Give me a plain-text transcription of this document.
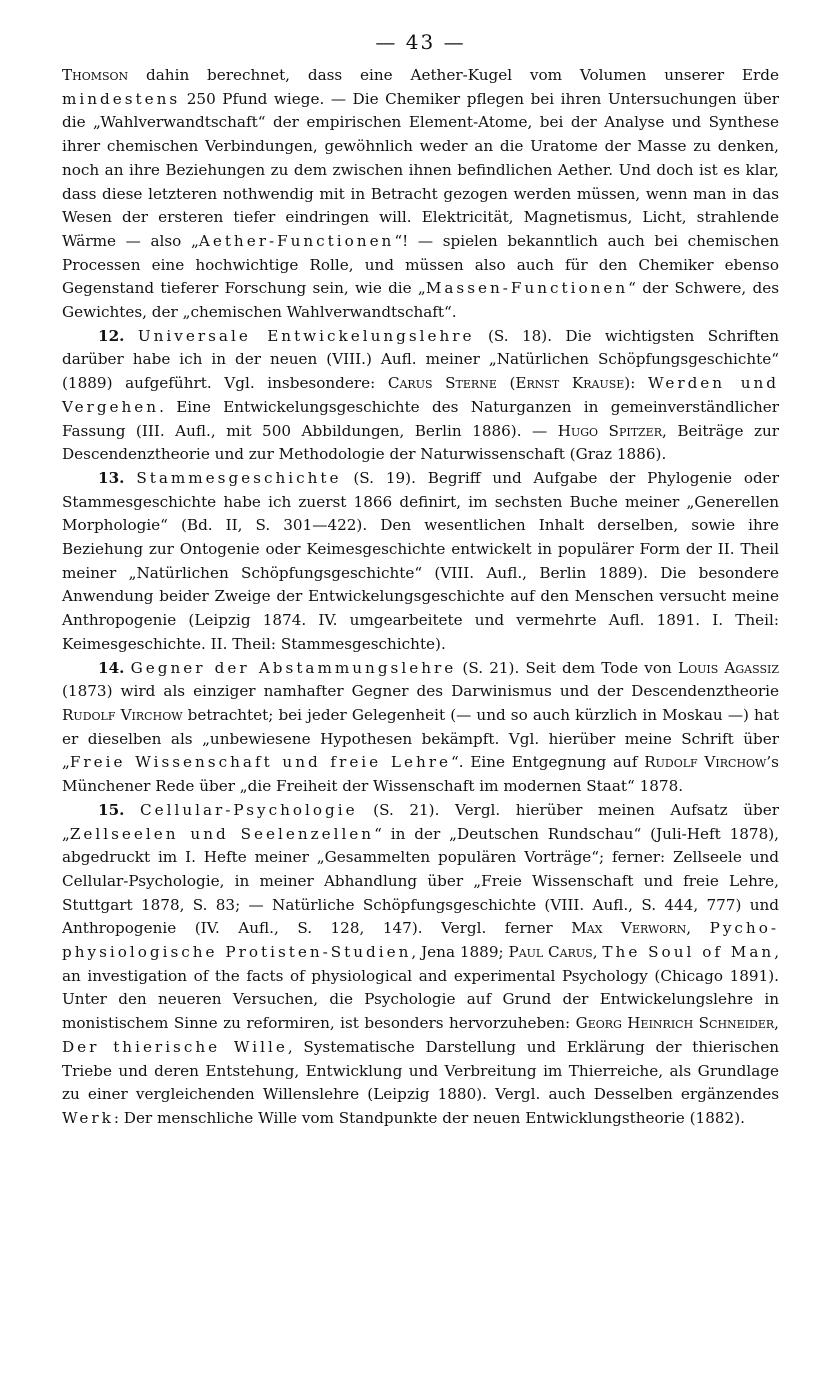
— 43 —

Thomson dahin berechnet, dass eine Aether-Kugel vom Volumen unserer Erde mindestens 250 Pfund wiege. — Die Chemiker pflegen bei ihren Untersuchungen über die „Wahlverwandtschaft“ der empirischen Element-Atome, bei der Analyse und Synthese ihrer chemischen Verbindungen, gewöhnlich weder an die Uratome der Masse zu denken, noch an ihre Beziehungen zu dem zwischen ihnen befindlichen Aether. Und doch ist es klar, dass diese letzteren nothwendig mit in Betracht gezogen werden müssen, wenn man in das Wesen der ersteren tiefer eindringen will. Elektricität, Magnetismus, Licht, strahlende Wärme — also „Aether-Functionen“! — spielen bekanntlich auch bei chemischen Processen eine hochwichtige Rolle, und müssen also auch für den Chemiker ebenso Gegenstand tieferer Forschung sein, wie die „Massen-Functionen“ der Schwere, des Gewichtes, der „chemischen Wahlverwandtschaft“.

12. Universale Entwickelungslehre (S. 18). Die wichtigsten Schriften darüber habe ich in der neuen (VIII.) Aufl. meiner „Natürlichen Schöpfungsgeschichte“ (1889) aufgeführt. Vgl. insbesondere: Carus Sterne (Ernst Krause): Werden und Vergehen. Eine Entwickelungsgeschichte des Naturganzen in gemeinverständlicher Fassung (III. Aufl., mit 500 Abbildungen, Berlin 1886). — Hugo Spitzer, Beiträge zur Descendenztheorie und zur Methodologie der Naturwissenschaft (Graz 1886).

13. Stammesgeschichte (S. 19). Begriff und Aufgabe der Phylogenie oder Stammesgeschichte habe ich zuerst 1866 definirt, im sechsten Buche meiner „Generellen Morphologie“ (Bd. II, S. 301—422). Den wesentlichen Inhalt derselben, sowie ihre Beziehung zur Ontogenie oder Keimesgeschichte entwickelt in populärer Form der II. Theil meiner „Natürlichen Schöpfungsgeschichte“ (VIII. Aufl., Berlin 1889). Die besondere Anwendung beider Zweige der Entwickelungsgeschichte auf den Menschen versucht meine Anthropogenie (Leipzig 1874. IV. umgearbeitete und vermehrte Aufl. 1891. I. Theil: Keimesgeschichte. II. Theil: Stammesgeschichte).

14. Gegner der Abstammungslehre (S. 21). Seit dem Tode von Louis Agassiz (1873) wird als einziger namhafter Gegner des Darwinismus und der Descendenztheorie Rudolf Virchow betrachtet; bei jeder Gelegenheit (— und so auch kürzlich in Moskau —) hat er dieselben als „unbewiesene Hypothesen bekämpft. Vgl. hierüber meine Schrift über „Freie Wissenschaft und freie Lehre“. Eine Entgegnung auf Rudolf Virchow’s Münchener Rede über „die Freiheit der Wissenschaft im modernen Staat“ 1878.

15. Cellular-Psychologie (S. 21). Vergl. hierüber meinen Aufsatz über „Zellseelen und Seelenzellen“ in der „Deutschen Rundschau“ (Juli-Heft 1878), abgedruckt im I. Hefte meiner „Gesammelten populären Vorträge“; ferner: Zellseele und Cellular-Psychologie, in meiner Abhandlung über „Freie Wissenschaft und freie Lehre, Stuttgart 1878, S. 83; — Natürliche Schöpfungsgeschichte (VIII. Aufl., S. 444, 777) und Anthropogenie (IV. Aufl., S. 128, 147). Vergl. ferner Max Verworn, Pycho-physiologische Protisten-Studien, Jena 1889; Paul Carus, The Soul of Man, an investigation of the facts of physiological and experimental Psychology (Chicago 1891). Unter den neueren Versuchen, die Psychologie auf Grund der Entwickelungslehre in monistischem Sinne zu reformiren, ist besonders hervorzuheben: Georg Heinrich Schneider, Der thierische Wille, Systematische Darstellung und Erklärung der thierischen Triebe und deren Entstehung, Entwicklung und Verbreitung im Thierreiche, als Grundlage zu einer vergleichenden Willenslehre (Leipzig 1880). Vergl. auch Desselben ergänzendes Werk: Der menschliche Wille vom Standpunkte der neuen Entwicklungstheorie (1882).
